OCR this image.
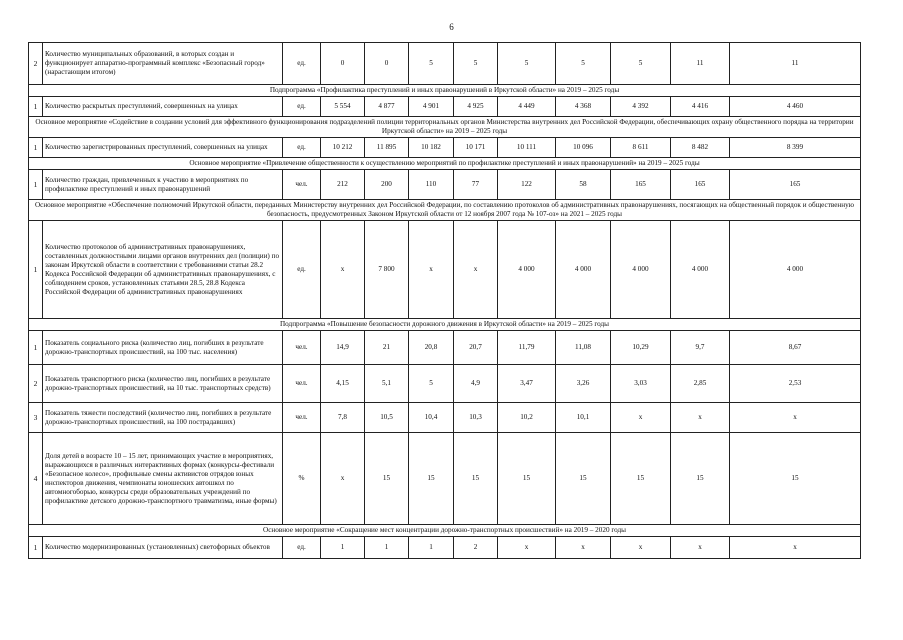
6
2	Количество муниципальных образований, в которых создан и функционирует аппаратно-программный комплекс «Безопасный город» (нарастающим итогом)	ед.	0	0	5	5	5	5	5	11	11
Подпрограмма «Профилактика преступлений и иных правонарушений в Иркутской области» на 2019 – 2025 годы											
1	Количество раскрытых преступлений, совершенных на улицах	ед.	5 554	4 877	4 901	4 925	4 449	4 368	4 392	4 416	4 460
Основное мероприятие «Содействие в создании условий для эффективного функционирования подразделений полиции территориальных органов Министерства внутренних дел Российской Федерации, обеспечивающих охрану общественного порядка на территории Иркутской области» на 2019 – 2025 годы											
1	Количество зарегистрированных преступлений, совершенных на улицах	ед.	10 212	11 895	10 182	10 171	10 111	10 096	8 611	8 482	8 399
Основное мероприятие «Привлечение общественности к осуществлению мероприятий по профилактике преступлений и иных правонарушений» на 2019 – 2025 годы											
1	Количество граждан, привлеченных к участию в мероприятиях по профилактике преступлений и иных правонарушений	чел.	212	200	110	77	122	58	165	165	165
Основное мероприятие «Обеспечение полномочий Иркутской области, переданных Министерству внутренних дел Российской Федерации, по составлению протоколов об административных правонарушениях, посягающих на общественный порядок и общественную безопасность, предусмотренных Законом Иркутской области от 12 ноября 2007 года № 107-оз» на 2021 – 2025 годы											
1	Количество протоколов об административных правонарушениях, составленных должностными лицами органов внутренних дел (полиции) по законам Иркутской области в соответствии с требованиями статьи 28.2 Кодекса Российской Федерации об административных правонарушениях, с соблюдением сроков, установленных статьями 28.5, 28.8 Кодекса Российской Федерации об административных правонарушениях	ед.	х	7 800	х	х	4 000	4 000	4 000	4 000	4 000
Подпрограмма «Повышение безопасности дорожного движения в Иркутской области» на 2019 – 2025 годы											
1	Показатель социального риска (количество лиц, погибших в результате дорожно-транспортных происшествий, на 100 тыс. населения)	чел.	14,9	21	20,8	20,7	11,79	11,08	10,29	9,7	8,67
2	Показатель транспортного риска (количество лиц, погибших в результате дорожно-транспортных происшествий, на 10 тыс. транспортных средств)	чел.	4,15	5,1	5	4,9	3,47	3,26	3,03	2,85	2,53
3	Показатель тяжести последствий (количество лиц, погибших в результате дорожно-транспортных происшествий, на 100 пострадавших)	чел.	7,8	10,5	10,4	10,3	10,2	10,1	х	х	х
4	Доля детей в возрасте 10 – 15 лет, принимающих участие в мероприятиях, выражающихся в различных интерактивных формах (конкурсы-фестивали «Безопасное колесо», профильные смены активистов отрядов юных инспекторов движения, чемпионаты юношеских автошкол по автомногоборью, конкурсы среди образовательных учреждений по профилактике детского дорожно-транспортного травматизма, иные формы)	%	х	15	15	15	15	15	15	15	15
Основное мероприятие «Сокращение мест концентрации дорожно-транспортных происшествий» на 2019 – 2020 годы											
1	Количество модернизированных (установленных) светофорных объектов	ед.	1	1	1	2	х	х	х	х	х
